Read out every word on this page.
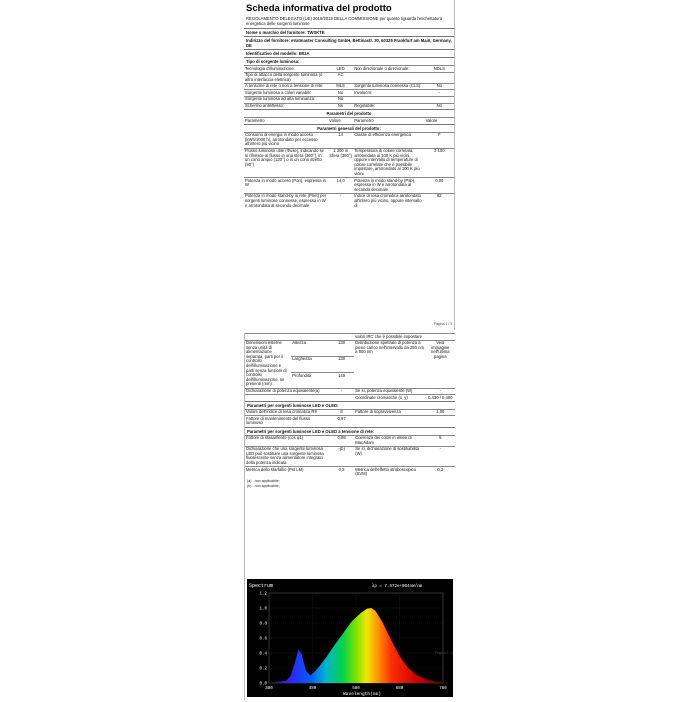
Scheda informativa del prodotto
REGOLAMENTO DELEGATO (UE) 2019/2015 DELLA COMMISSIONE per quanto riguarda l'etichettatura energetica delle sorgenti luminose
Nome o marchio del fornitore: TWSKTE
Indirizzo del fornitore: eVatmaster Consulting GmbH, Bettinastr. 30, 60325 Frankfurt am Main, Germany, DE
Identificativo del modello: B03A
Tipo di sorgente luminosa:
Tecnologia d'illuminazione:	LED	Non direzionale o direzionale:	NDLS
Tipo di attacco della sorgente luminosa (o altra interfaccia elettrica)	AC		
A tensione di rete o non a tensione di rete:	MLS	Sorgente luminosa connessa (CLS):	No
Sorgente luminosa a colori variabili:	No	Involucro:	-
Sorgente luminosa ad alta luminanza:	No		
Schermo antiriflesso:	No	Regolabile:	No
Parametri del prodotto
Parametro	Valore	Parametro	Valore
Parametri generali del prodotto:
Consumo di energia in modo acceso (kWh/1000 h), arrotondato per eccesso all'intero più vicino	14	Classe di efficienza energetica	F
Flusso luminoso utile (Φuse), indicando se si riferisce al flusso in una sfera (360°), in un cono ampio (120°) o in un cono stretto (90°)	1 300 in Sfera (360°)	Temperatura di colore correlata, arrotondata ai 100 K più vicini, oppure intervallo di temperature di colore correlate che è possibile impostare, arrotondato ai 100 K più vicini	3 100
Potenza in modo acceso (Pon), espressa in W	14,0	Potenza in modo stand-by (Psb), espressa in W e arrotondata al secondo decimale	0,00
Potenza in modo stand-by in rete (Pnet) per sorgenti luminose connesse, espressa in W e arrotondata al secondo decimale	-	Indice di resa cromatica arrotondato all'intero più vicino, oppure intervallo di	82
Pagina 1 / 3
			valori IRC che è possibile impostare	
Dimensioni esterne senza unità di alimentazione separata, parti per il controllo dell'illuminazione e parti senza funzioni di controllo dell'illuminazione, se presenti (mm)	Altezza	130	Distribuzione spettrale di potenza a pieno carico nell'intervallo da 250 nm a 800 nm	Vedi immagine nell'ultima pagina
	Larghezza	130		
	Profondità	149		
Dichiarazione di potenza equivalente(a)	-	Se sì, potenza equivalente (W)	-
		Coordinate cromatiche (x, y)	0,430 / 0,400
Parametri per sorgenti luminose LED e OLED:
Valore dell'indice di resa cromatica R9	8	Fattore di sopravvivenza	1,00
Fattore di mantenimento del flusso luminoso	0,97		
Parametri per sorgenti luminose LED e OLED a tensione di rete:
Fattore di sfasamento (cos φ1)	0,98	Coerenza dei colori in ellissi di MacAdam	5
Dichiarazione che una sorgente luminosa LED può sostituire una sorgente luminosa fluorescente senza alimentatore integrato della potenza indicata	-(b)	Se sì, dichiarazione di sostituibilità (W)	-
Metrica dello sfarfallio (Pst LM)	0,3	Metrica dell'effetto stroboscopico (SVM)	0,2
(a) - non applicabile;
(b) - non applicabile;
Spectrum	λp = 7.572e+004nW/nm
0.0
0.2
0.4
0.6
0.8
1.0
1.2
380	480	580	680	780
Wavelength(nm)
Pagina 2 / 3
